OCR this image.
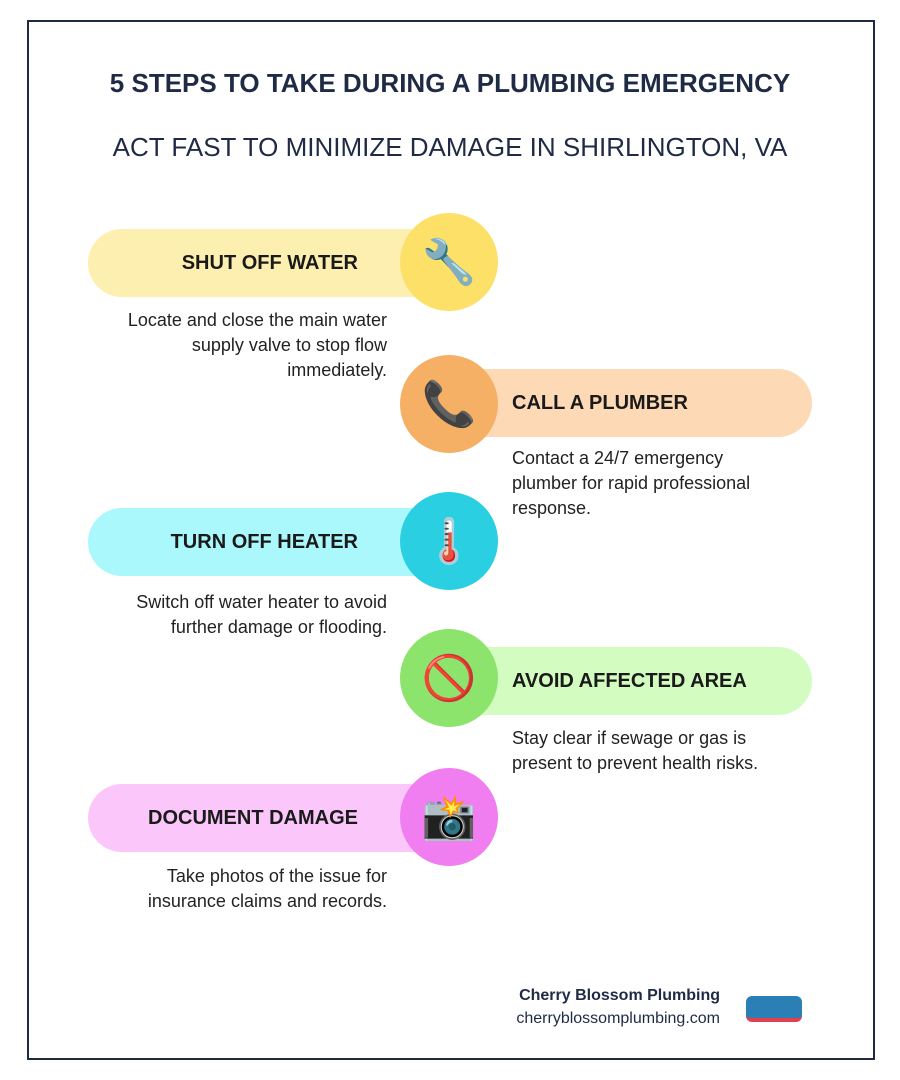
5 STEPS TO TAKE DURING A PLUMBING EMERGENCY
ACT FAST TO MINIMIZE DAMAGE IN SHIRLINGTON, VA
SHUT OFF WATER	🔧
Locate and close the main water supply valve to stop flow immediately.
CALL A PLUMBER
📞
Contact a 24/7 emergency plumber for rapid professional response.
TURN OFF HEATER	🌡️
Switch off water heater to avoid further damage or flooding.
AVOID AFFECTED AREA
🚫
Stay clear if sewage or gas is present to prevent health risks.
DOCUMENT DAMAGE	📸
Take photos of the issue for insurance claims and records.
Cherry Blossom Plumbing
cherryblossomplumbing.com
